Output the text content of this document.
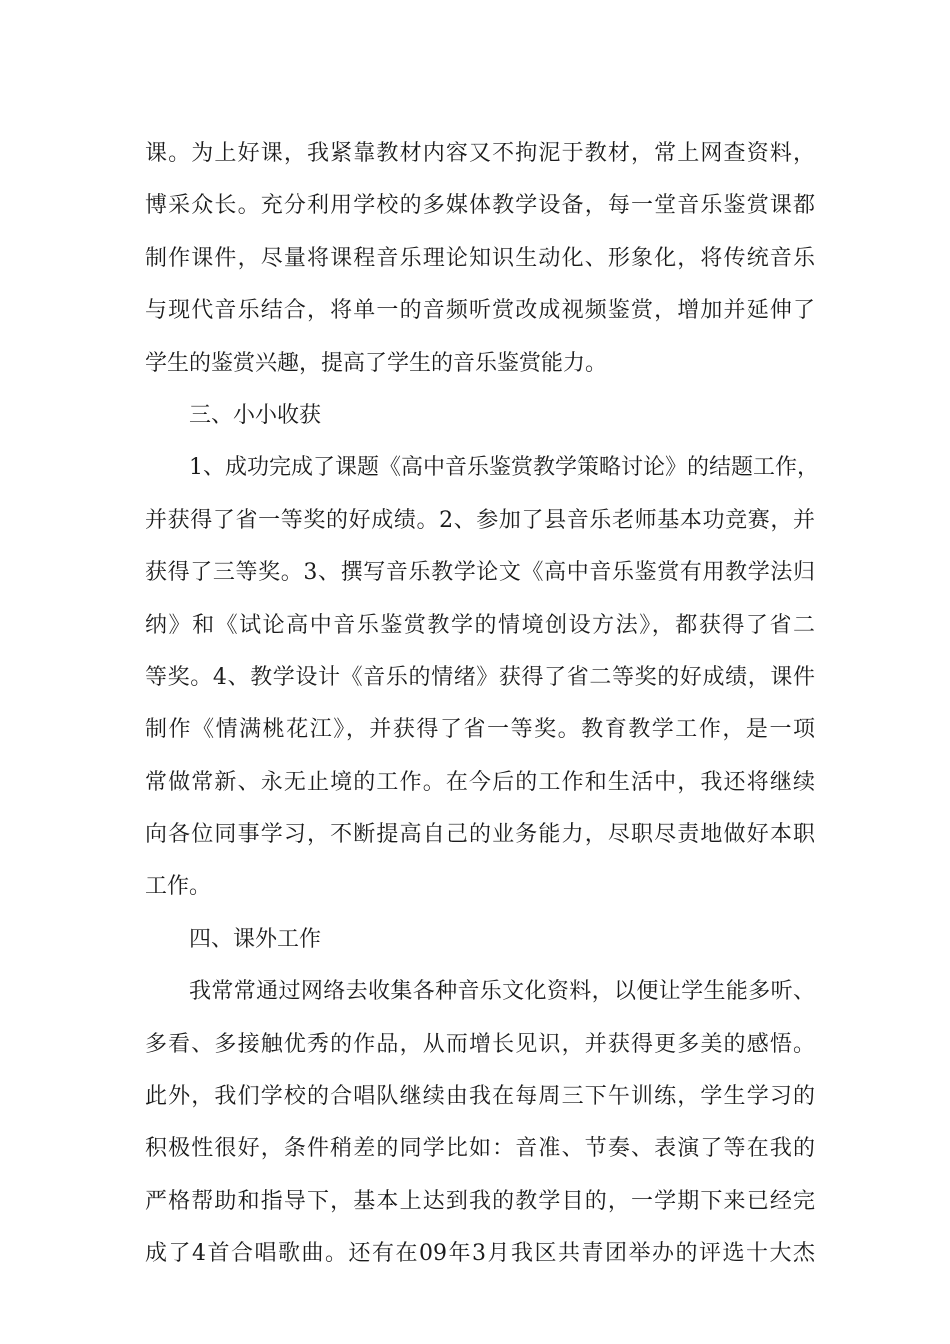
课。为上好课，我紧靠教材内容又不拘泥于教材，常上网查资料，
博采众长。充分利用学校的多媒体教学设备，每一堂音乐鉴赏课都
制作课件，尽量将课程音乐理论知识生动化、形象化，将传统音乐
与现代音乐结合，将单一的音频听赏改成视频鉴赏，增加并延伸了
学生的鉴赏兴趣，提高了学生的音乐鉴赏能力。
三、小小收获
1、成功完成了课题《高中音乐鉴赏教学策略讨论》的结题工作，
并获得了省一等奖的好成绩。2、参加了县音乐老师基本功竞赛，并
获得了三等奖。3、撰写音乐教学论文《高中音乐鉴赏有用教学法归
纳》和《试论高中音乐鉴赏教学的情境创设方法》，都获得了省二
等奖。4、教学设计《音乐的情绪》获得了省二等奖的好成绩，课件
制作《情满桃花江》，并获得了省一等奖。教育教学工作，是一项
常做常新、永无止境的工作。在今后的工作和生活中，我还将继续
向各位同事学习，不断提高自己的业务能力，尽职尽责地做好本职
工作。
四、课外工作
我常常通过网络去收集各种音乐文化资料，以便让学生能多听、
多看、多接触优秀的作品，从而增长见识，并获得更多美的感悟。
此外，我们学校的合唱队继续由我在每周三下午训练，学生学习的
积极性很好，条件稍差的同学比如：音准、节奏、表演了等在我的
严格帮助和指导下，基本上达到我的教学目的，一学期下来已经完
成了4首合唱歌曲。还有在09年3月我区共青团举办的评选十大杰
